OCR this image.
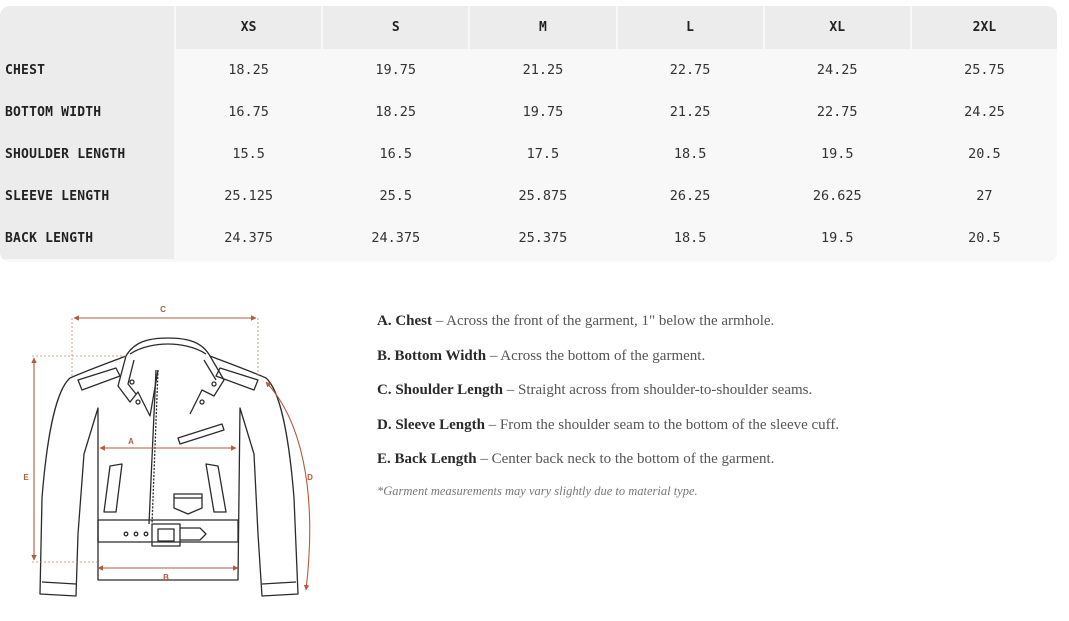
XS	S	M	L	XL	2XL
CHEST	18.25	19.75	21.25	22.75	24.25	25.75
BOTTOM WIDTH	16.75	18.25	19.75	21.25	22.75	24.25
SHOULDER LENGTH	15.5	16.5	17.5	18.5	19.5	20.5
SLEEVE LENGTH	25.125	25.5	25.875	26.25	26.625	27
BACK LENGTH	24.375	24.375	25.375	18.5	19.5	20.5
C
A
B
E	D
A. Chest – Across the front of the garment, 1" below the armhole.
B. Bottom Width – Across the bottom of the garment.
C. Shoulder Length – Straight across from shoulder-to-shoulder seams.
D. Sleeve Length – From the shoulder seam to the bottom of the sleeve cuff.
E. Back Length – Center back neck to the bottom of the garment.
*Garment measurements may vary slightly due to material type.
